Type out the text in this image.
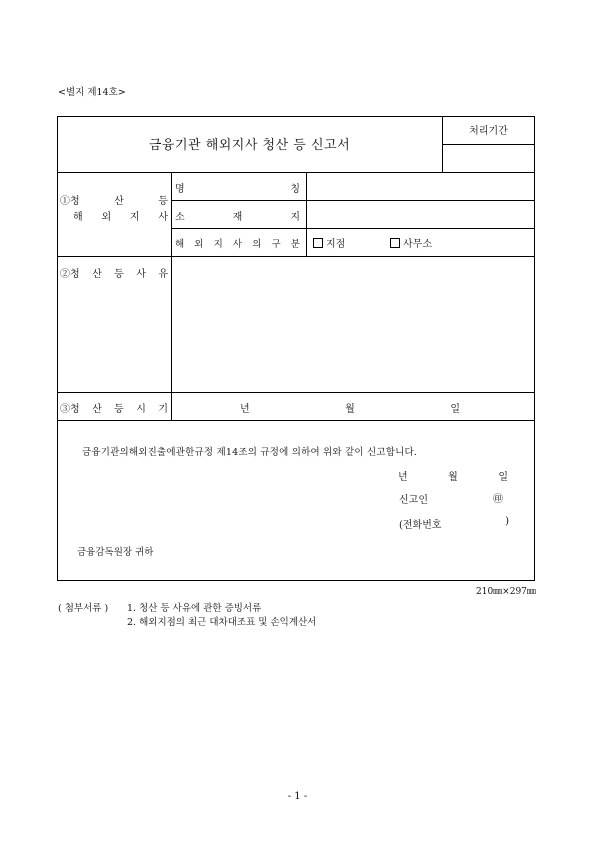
<별지 제14호>
금융기관 해외지사 청산 등 신고서
처리기간
①청	산	등
해 외 지 사
명	칭
소	재	지
해 외 지 사 의 구 분	지점	사무소
②청 산 등 사 유
③청 산 등 시 기	년	월	일
금융기관의해외진출에관한규정 제14조의 규정에 의하여 위와 같이 신고합니다.
년	월	일
신고인	㊞
(전화번호	)
금융감독원장 귀하
210㎜×297㎜
( 첨부서류 ) 1. 청산 등 사유에 관한 증빙서류
2. 해외지점의 최근 대차대조표 및 손익계산서
- 1 -
